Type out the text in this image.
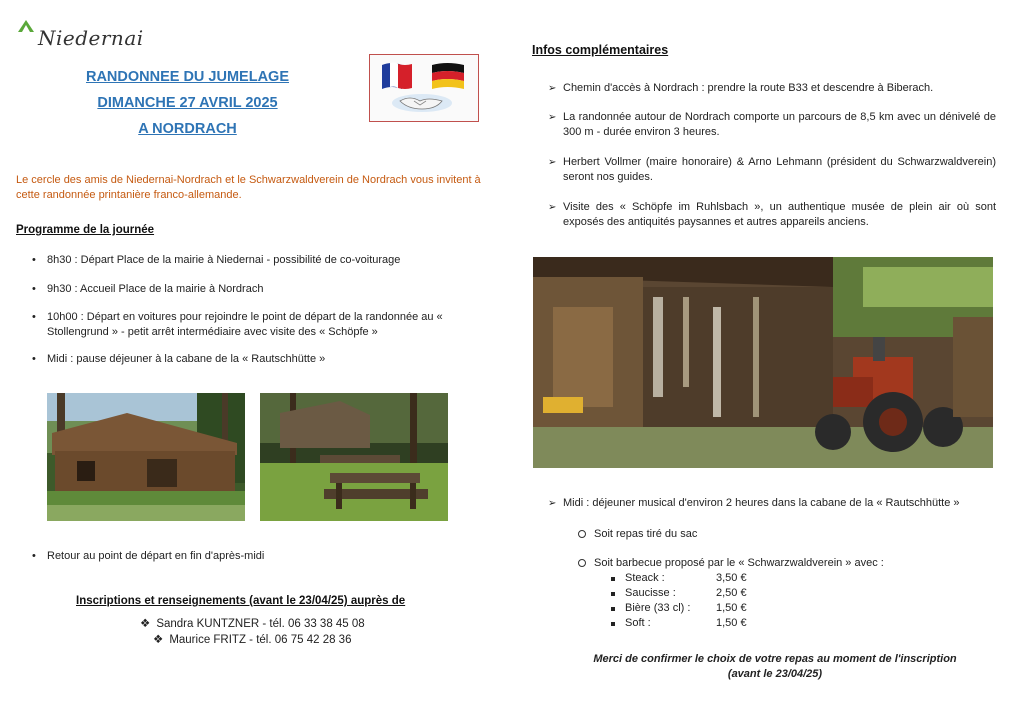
Niedernai
RANDONNEE DU JUMELAGE
DIMANCHE 27 AVRIL 2025
A NORDRACH
Le cercle des amis de Niedernai-Nordrach et le Schwarzwaldverein de Nordrach vous invitent à cette randonnée printanière franco-allemande.
Programme de la journée
• 8h30 : Départ Place de la mairie à Niedernai - possibilité de co-voiturage
• 9h30 : Accueil Place de la mairie à Nordrach
• 10h00 : Départ en voitures pour rejoindre le point de départ de la randonnée au « Stollengrund » - petit arrêt intermédiaire avec visite des « Schöpfe »
• Midi : pause déjeuner à la cabane de la « Rautschhütte »
• Retour au point de départ en fin d'après-midi
Inscriptions et renseignements (avant le 23/04/25) auprès de
❖ Sandra KUNTZNER - tél. 06 33 38 45 08
❖ Maurice FRITZ - tél. 06 75 42 28 36
Infos complémentaires
➢ Chemin d'accès à Nordrach : prendre la route B33 et descendre à Biberach.
➢ La randonnée autour de Nordrach comporte un parcours de 8,5 km avec un dénivelé de 300 m - durée environ 3 heures.
➢ Herbert Vollmer (maire honoraire) & Arno Lehmann (président du Schwarzwaldverein) seront nos guides.
➢ Visite des « Schöpfe im Ruhlsbach », un authentique musée de plein air où sont exposés des antiquités paysannes et autres appareils anciens.
➢ Midi : déjeuner musical d'environ 2 heures dans la cabane de la « Rautschhütte »
Soit repas tiré du sac
Soit barbecue proposé par le « Schwarzwaldverein » avec :
Steack :	3,50 €
Saucisse :	2,50 €
Bière (33 cl) : 1,50 €
Soft :	1,50 €
Merci de confirmer le choix de votre repas au moment de l'inscription
(avant le 23/04/25)
